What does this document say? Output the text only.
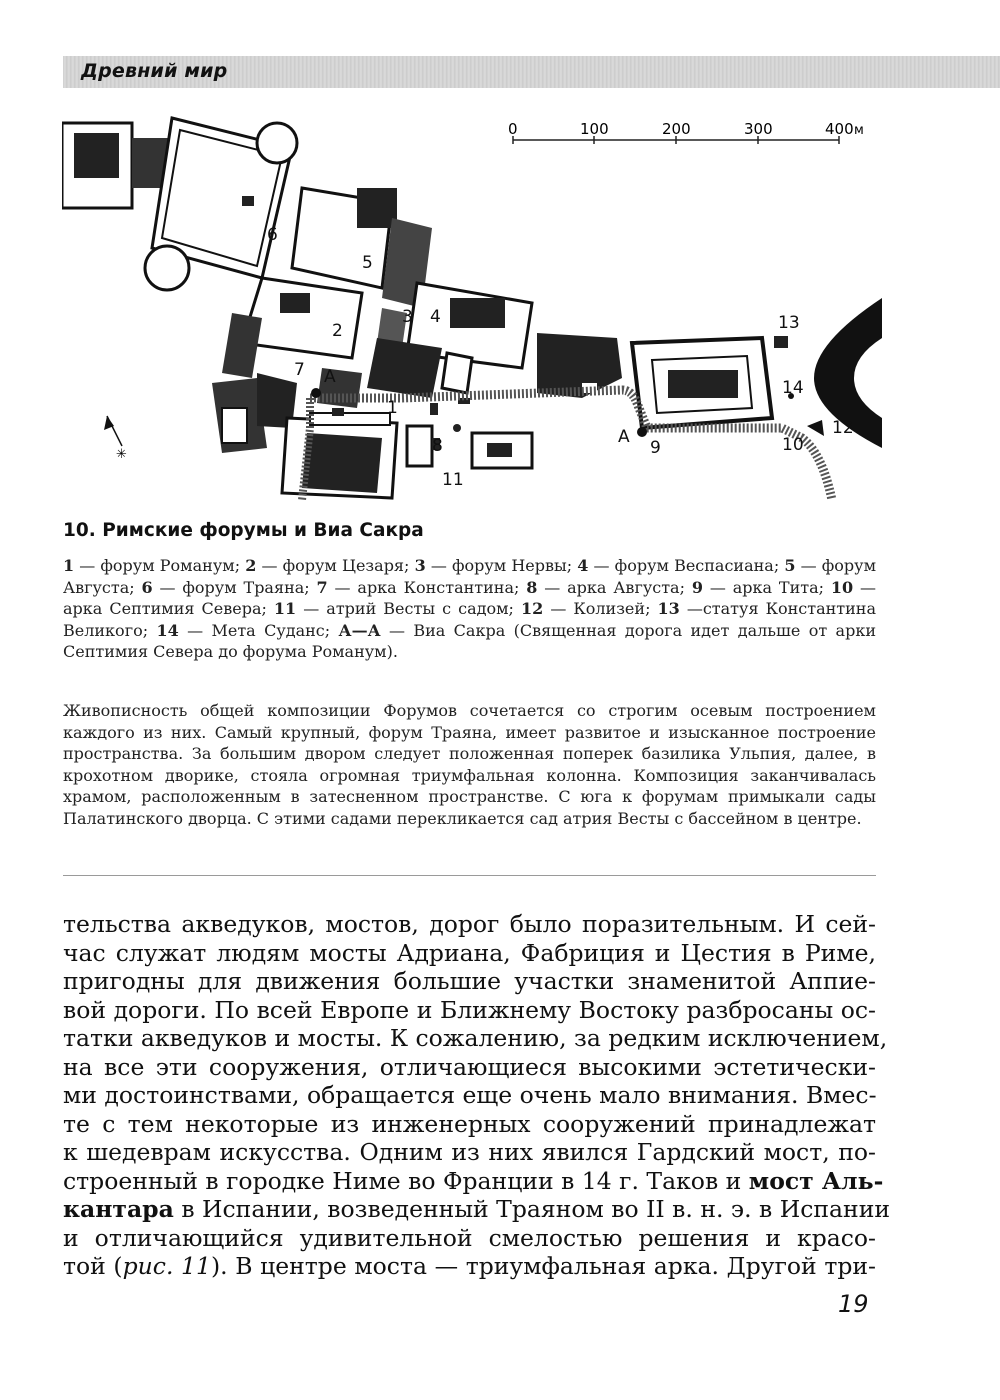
Древний мир
0	100	200	300	400 м
✳
1
2
3 4
5
6
7
8	9	10
11
12
13
14
А
А
10. Римские форумы и Виа Сакра
1 — форум Романум; 2 — форум Цезаря; 3 — форум Нервы; 4 — форум Веспасиана; 5 — форум Августа; 6 — форум Траяна; 7 — арка Константина; 8 — арка Августа; 9 — арка Тита; 10 — арка Септимия Севера; 11 — атрий Весты с садом; 12 — Колизей; 13 —статуя Константина Великого; 14 — Мета Суданс; А—А — Виа Сакра (Священная дорога идет дальше от арки Септимия Севера до форума Романум).
Живописность общей композиции Форумов сочетается со строгим осевым построением каждого из них. Самый крупный, форум Траяна, имеет развитое и изысканное построение пространства. За большим двором следует положенная поперек базилика Ульпия, далее, в крохотном дворике, стояла огромная триумфальная колонна. Композиция заканчивалась храмом, расположенным в затесненном пространстве. С юга к форумам примыкали сады Палатинского дворца. С этими садами перекликается сад атрия Весты с бассейном в центре.
тельства акведуков, мостов, дорог было поразительным. И сей-
час служат людям мосты Адриана, Фабриция и Цестия в Риме,
пригодны для движения большие участки знаменитой Аппие-
вой дороги. По всей Европе и Ближнему Востоку разбросаны ос-
татки акведуков и мосты. К сожалению, за редким исключением,
на все эти сооружения, отличающиеся высокими эстетически-
ми достоинствами, обращается еще очень мало внимания. Вмес-
те с тем некоторые из инженерных сооружений принадлежат
к шедеврам искусства. Одним из них явился Гардский мост, по-
строенный в городке Ниме во Франции в 14 г. Таков и мост Аль-
кантара в Испании, возведенный Траяном во II в. н. э. в Испании
и отличающийся удивительной смелостью решения и красо-
той (рис. 11). В центре моста — триумфальная арка. Другой три-
19
